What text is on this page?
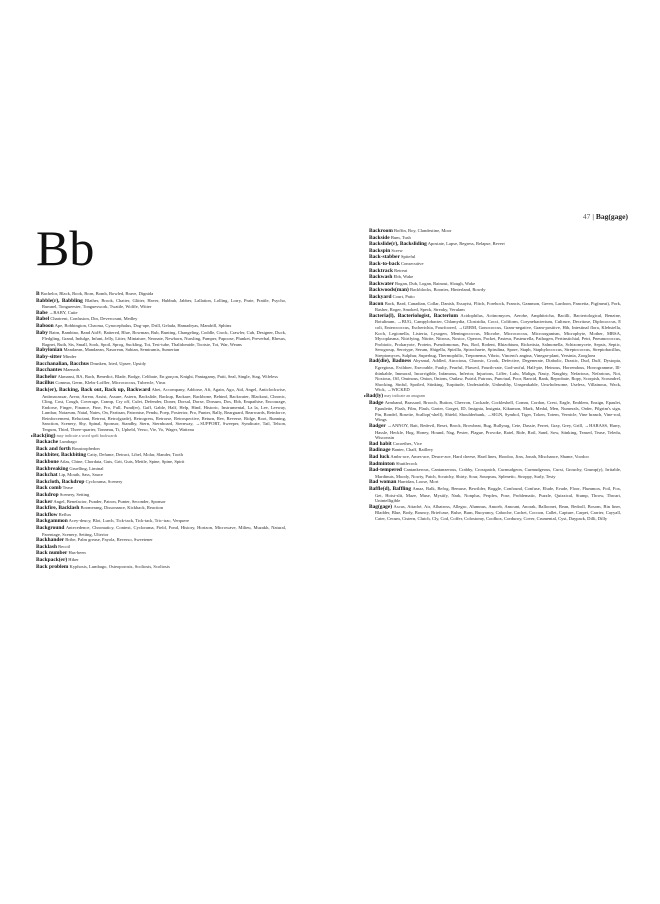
47 | Bag(gage)
Bb

B Bachelor, Black, Book, Born, Bomb, Bowled, Brave, Dignida

Babble(r), Babbling Blather, Brook, Chatter, Glitter, Haver, Hubbub, Jabber, Lallation, Lolling, Lorry, Prate, Prattle, Psycho, Rumnel, Tongueester, Tongueswork, Twattle, Wolffe, Witter

Babe →BABY, Cutie

Babel Chartreni, Confusion, Din, Devercount, Medley

Baboon Ape, Bobbington, Chacma, Cynocephalus, Dog-ape, Drill, Gelada, Hamadryas, Mandrill, Sphinx

Baby Bairn, Bambino, Band Aid®, Battered, Blue, Bowman, Bub, Bunting, Changeling, Coddle, Crock, Crawler, Cub, Designer, Duck, Fledgling, Grand, Indulge, Infant, Jelly, Litter, Miniature, Neonate, Newborn, Nursling, Pamper, Papoose, Plunket, Preverbal, Rhesus, Ragnet, Ruth, Sis, Small, Sook, Spoil, Sprog, Suckling, Tot, Test-tube, Thalidomide, Tootsie, Tot, War, Weans

Babylonian Mandaean, Mandaean, Nasorean, Sabian, Semiramis, Sumerian

Baby-sitter Minder

Bacchanalian, Bacchus Drunken, Iried, Upsee, Upsidy

Bacchantes Maenads

Bachelor Akmansi, BA, Bach, Benedict, Blade, Bodge, Celibate, En garçon, Knight, Pantagamy, Patti, Seal, Single, Stag, Wifeless

Bacillus Comma, Germ, Klebs-Loffler, Micrococcus, Tubercle, Virus

Back(er), Backing, Back out, Back up, Backward Abet, Accompany, Addorse, Aft, Again, Ago, Aid, Angel, Anticlockwise, Antimacassar, Arear, Arrear, Assist, Assure, Astern, Backslide, Backup, Backare, Backbone, Behind, Backwater, Blackout, Chronic, Cling, Cost, Cough, Coverage, Cramp, Cry off, Culet, Defender, Doner, Dorsal, Dorse, Dorsum, Dos, Ebb, Empathise, Encourage, Endorse, Finger, Finance, Fine, Fro, Full, Fund(er), Gaff, Gable, Half, Help, Hind, Historic, Instrumental, La la, Lee, Leeway, Lumbar, Notaeum, Natal, Nates, On, Partisan, Patronise, Pendu, Poep, Posterior, Pro, Punter, Rally, Rearguard, Rearwards, Reinforce, Reinforcement, Reluctant, Retreat, Retro(grade), Retrogress, Retrorse, Retrospective, Return, Rev, Reverse, Ridge, Root, Running, Sanction, Scenery, Shy, Spinal, Sponsor, Standby, Stern, Sternboard, Sternway, →SUPPORT, Sweeper, Syndicate, Tail, Telson, Tergum, Third, Three-quarter, Tonneau, Tt, Upheld, Verso, Vie, Vo, Wager, Watteau

▸Back(ing) may indicate a word spelt backwards

Backache Lumbago

Back and forth Boustrophedon

Backbiter, Backbiting Catty, Defame, Detract, Libel, Molar, Slander, Tooth

Backbone Atlas, Chine, Chordata, Guts, Grit, Guts, Mettle, Spine, Spine, Spirit

Backbreaking Gruelling, Liminal

Backchat Lip, Mouth, Sass, Sauce

Backcloth, Backdrop Cyclorama, Scenery

Back comb Tease

Backdrop Scenery, Setting

Backer Angel, Benefactor, Funder, Patron, Punter, Seconder, Sponsor

Backfire, Backlash Boomerang, Dissonance, Kickback, Reaction

Backflow Reflux

Backgammon Acey-deucy, Blot, Lurch, Tick-tack, Tick-tack, Tric-trac, Verquere

Background Antecedence, Chromaticy, Context, Cyclorama, Field, Fond, History, Horizon, Microwave, Milieu, Muzakh, Natural, Parentage, Scenery, Setting, Ulterior

Backhander Bribe, Palm grease, Payola, Reverso, Sweetener

Backlash Recoil

Back number Has-been

Backpack(er) Hiker

Back problem Kyphosis, Lumbago, Osteoporosis, Scoliosis, Scoliosis

Backroom Boffin, Boy, Clandestine, Moor

Backside Bum, Tush

Backslide(r), Backsliding Apostate, Lapse, Regress, Relapse, Revert

Backspin Screw

Back-stabber Spiteful

Back-to-back Consecutive

Backtrack Retreat

Backwash Ebb, Wake

Backwater Bogan, Dub, Logan, Rainout, Slough, Wake

Backwoods(man) Backblocks, Boonies, Hinterland, Rowdy

Backyard Court, Patio

Bacon Back, Bard, Canadian, Collar, Danish, Essayist, Flitch, Forehock, Francis, Gammon, Green, Lardoon, Pancetta, Pig(meat), Pork, Rasher, Roger, Smoked, Speck, Streaky, Verulam

Bacteria(l), Bacteriologist, Bacterium Acidophilus, Actinomyces, Aerobe, Amphitricha, Bacilli, Bacteriological, Benzine, Botulinum, →BUG, Campylobacter, Chlamydia, Clostridia, Cocci, Coliform, Corynebacterium, Cultrure, Decritose, Diplococcus, E coli, Enterococcus, Escherichia, Fourfoored, →GERM, Gonococcus, Gram-negative, Gram-positive, Hib, Intestinal flora, Klebsiella, Koch, Legionella, Listeria, Lysogen, Meningococcus, Microbe, Micrococcus, Microorganism, Microphyte, Mother, MRSA, Mycoplasma, Nitrifying, Nitrite, Nitrous, Nostoc, Operon, Packet, Pasteur, Pasteurella, Pathogen, Pertinstichial, Petri, Pneumococcus, Probiotic, Prokaryote, Protein, Pseudomonas, Pus, Rod, Rodent, Rhizobium, Rickettsia, Salmonella, Schizomycete, Sepsis, Septic, Serogroup, Serotype, Serum, Shigella, Spirilla, Spirochaete, Spirulina, Spore, Staph, Staphylococcus, Streptococcus, Streptobacillus, Streptomyces, Sulphur, Superbug, Thermophilic, Treponema, Vibrio, Vincent's angina, Vinegar-plant, Yersinia, Zoogloea

Bad(die), Badness Abysmal, Addled, Atrocious, Chronic, Crook, Defective, Degenerate, Diabolic, Drastic, Dud, Duff, Dystopia, Egregious, Evildoer, Execrable, Faulty, Fearful, Flawed, Fourth-rate, God-awful, Half-pie, Heinous, Horrendous, Horrogramme, Ill-thinkable, Immoral, Incorrigible, Infamous, Inferior, Injurious, Liffer, Lulu, Malign, Nasty, Naughty, Nefarious, Nefarious, Not, Noxious, Off, Ominous, Onion, Onions, Outlaw, Putrid, Putrous, Punctual, Poor, Rancid, Rank, Reprobate, Ropy, Scorpish, Scoundrel, Shocking, Sinful, Spoiled, Stinking, Turpitude, Undesirable, Unhealthy, Unspeakable, Unwholesome, Useless, Villainous, Wack, Wick, →WICKED

▸Bad(ly) may indicate an anagram

Badge Armband, Brassard, Brooch, Button, Chevron, Cockade, Cockleshell, Comm, Cordon, Crest, Eagle, Emblem, Ensign, Epaulet, Epaulette, Flash, Film, Flash, Garter, Gorget, ID, Insignia, Insignia, Kikumon, Mark, Medal, Men, Numerals, Order, Pilgrim's sign, Pin, Rondel, Rosette, Scallop(-shell), Shield, Shoulderbank, →SIGN, Symbol, Tiger, Token, Totem, Vernicle, Vine branch, Vine-rod, Wings

Badger →ANNOY, Bait, Bedevil, Beset, Brock, Browbeat, Bug, Bullyrag, Cete, Dassie, Ferret, Gray, Grey, Grill, →HARASS, Harry, Hassle, Heckle, Hog, Honey, Hound, Nag, Pester, Plague, Provoke, Ratel, Ride, Roil, Sand, Sow, Stinking, Teased, Tease, Teledu, Wisconsin

Bad habit Cacoethes, Vice

Badinage Banter, Chaff, Raillery

Bad luck Ambs-ace, Ames-ace, Deuce-ace, Hard cheese, Hard lines, Hoodoo, Jinx, Jonah, Mischance, Shame, Voodoo

Badminton Shuttlecock

Bad-tempered Cantankerous, Cantanzerous, Crabby, Crosspatch, Curmudgeon, Curmudgeous, Curst, Grouchy, Grump(y), Irritable, Mardinuts, Moody, Nowty, Patch, Scratchy, Shirty, Sour, Sourpuss, Splenetic, Stroppy, Surly, Testy

Bad woman Harridan, Loose, Mort

Baffle(d), Baffling Amaz, Balk, Befog, Bemuse, Bewilder, Boggle, Confound, Confuse, Elude, Evade, Floor, Flummox, Foil, Fox, Get, Hoist-slit, Maze, Muse, Mystify, Nark, Nonplus, Perplex, Pose, Problematic, Puzzle, Quizzical, Stump, Throw, Thwart, Unintelligible

Bag(gage) Ascus, Attaché, Air, Albatross, Allegro, Alumnus, Amoeb, Amount, Anorak, Balloonet, Bean, Bedroll, Bosom, Bin liner, Bladder, Blue, Body, Bouncy, Briefcase, Bulse, Bum, Buoyancy, Caboche, Cachet, Cocoon, Callet, Capture, Carpet, Carrier, Cayyall, Cater, Cecum, Cistern, Clutch, Cly, Cod, Coffer, Colostomy, Coolbox, Corduroy, Cover, Crumental, Cyst, Daypack, Dilli, Dilly
